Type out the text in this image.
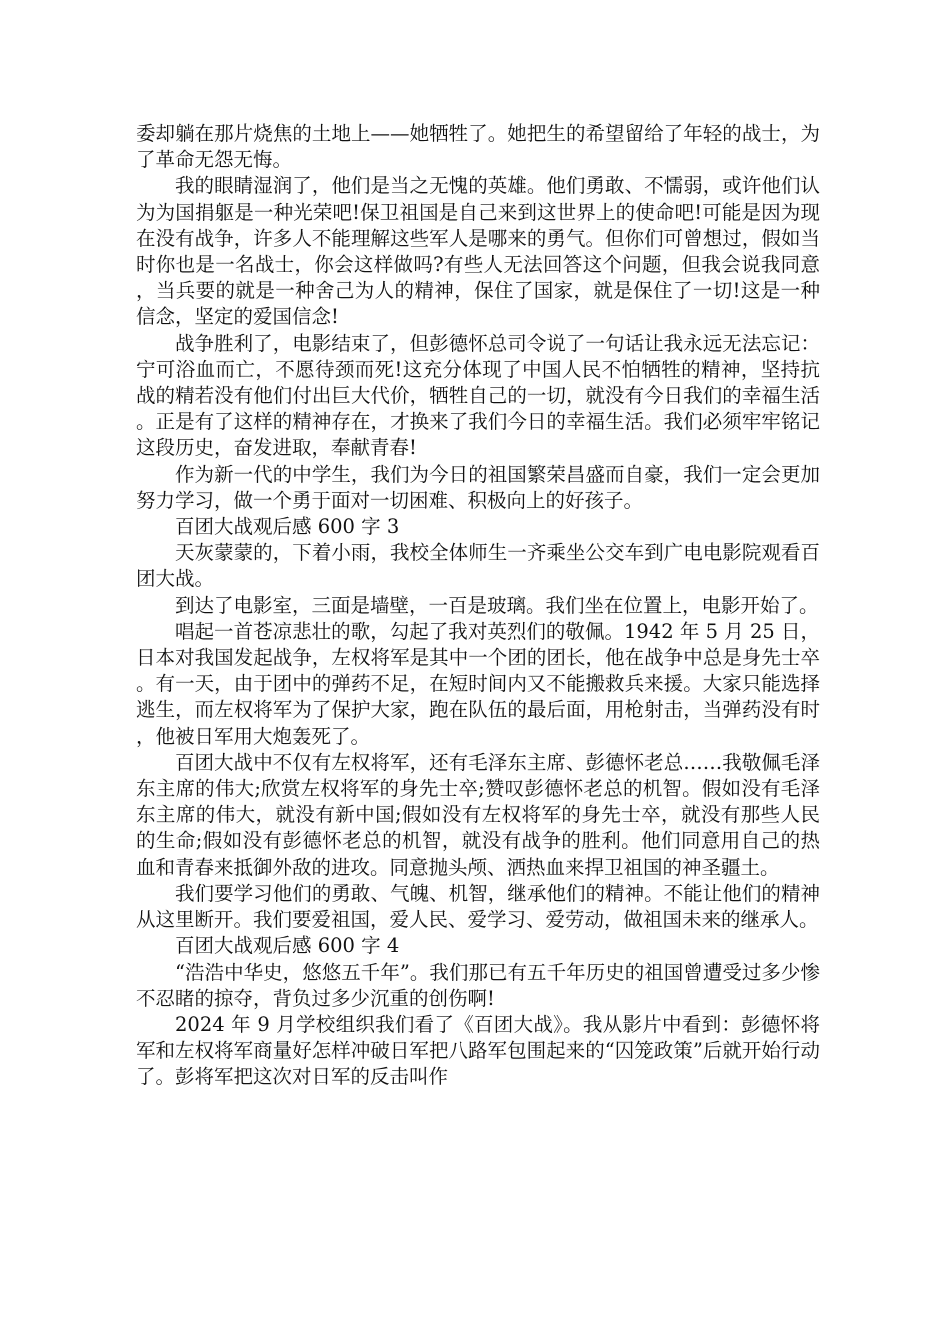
委却躺在那片烧焦的土地上——她牺牲了。她把生的希望留给了年轻的战士，为了革命无怨无悔。

我的眼睛湿润了，他们是当之无愧的英雄。他们勇敢、不懦弱，或许他们认为为国捐躯是一种光荣吧!保卫祖国是自己来到这世界上的使命吧!可能是因为现在没有战争，许多人不能理解这些军人是哪来的勇气。但你们可曾想过，假如当时你也是一名战士，你会这样做吗?有些人无法回答这个问题，但我会说我同意，当兵要的就是一种舍己为人的精神，保住了国家，就是保住了一切!这是一种信念，坚定的爱国信念!

战争胜利了，电影结束了，但彭德怀总司令说了一句话让我永远无法忘记：宁可浴血而亡，不愿待颈而死!这充分体现了中国人民不怕牺牲的精神，坚持抗战的精若没有他们付出巨大代价，牺牲自己的一切，就没有今日我们的幸福生活。正是有了这样的精神存在，才换来了我们今日的幸福生活。我们必须牢牢铭记这段历史，奋发进取，奉献青春!

作为新一代的中学生，我们为今日的祖国繁荣昌盛而自豪，我们一定会更加努力学习，做一个勇于面对一切困难、积极向上的好孩子。

百团大战观后感 600 字 3

天灰蒙蒙的，下着小雨，我校全体师生一齐乘坐公交车到广电电影院观看百团大战。

到达了电影室，三面是墙壁，一百是玻璃。我们坐在位置上，电影开始了。

唱起一首苍凉悲壮的歌，勾起了我对英烈们的敬佩。1942 年 5 月 25 日，日本对我国发起战争，左权将军是其中一个团的团长，他在战争中总是身先士卒。有一天，由于团中的弹药不足，在短时间内又不能搬救兵来援。大家只能选择逃生，而左权将军为了保护大家，跑在队伍的最后面，用枪射击，当弹药没有时，他被日军用大炮轰死了。

百团大战中不仅有左权将军，还有毛泽东主席、彭德怀老总……我敬佩毛泽东主席的伟大;欣赏左权将军的身先士卒;赞叹彭德怀老总的机智。假如没有毛泽东主席的伟大，就没有新中国;假如没有左权将军的身先士卒，就没有那些人民的生命;假如没有彭德怀老总的机智，就没有战争的胜利。他们同意用自己的热血和青春来抵御外敌的进攻。同意抛头颅、洒热血来捍卫祖国的神圣疆土。

我们要学习他们的勇敢、气魄、机智，继承他们的精神。不能让他们的精神从这里断开。我们要爱祖国，爱人民、爱学习、爱劳动，做祖国未来的继承人。

百团大战观后感 600 字 4

“浩浩中华史，悠悠五千年”。我们那已有五千年历史的祖国曾遭受过多少惨不忍睹的掠夺，背负过多少沉重的创伤啊!

2024 年 9 月学校组织我们看了《百团大战》。我从影片中看到：彭德怀将军和左权将军商量好怎样冲破日军把八路军包围起来的“囚笼政策”后就开始行动了。彭将军把这次对日军的反击叫作
